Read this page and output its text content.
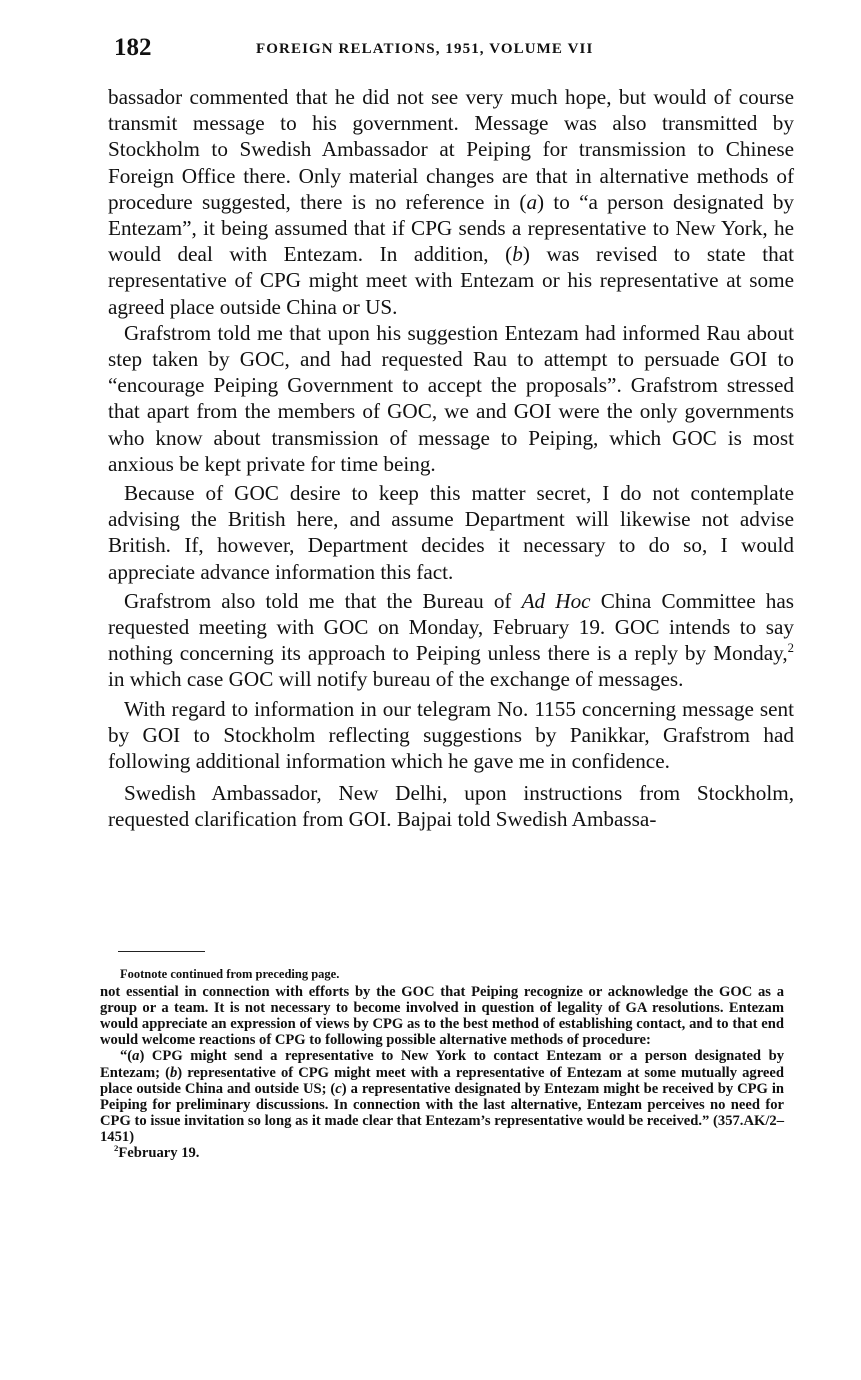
182	FOREIGN RELATIONS, 1951, VOLUME VII

bassador commented that he did not see very much hope, but would of course transmit message to his government. Message was also transmitted by Stockholm to Swedish Ambassador at Peiping for transmission to Chinese Foreign Office there. Only material changes are that in alternative methods of procedure suggested, there is no reference in (a) to “a person designated by Entezam”, it being assumed that if CPG sends a representative to New York, he would deal with Entezam. In addition, (b) was revised to state that representative of CPG might meet with Entezam or his representative at some agreed place outside China or US.

Grafstrom told me that upon his suggestion Entezam had informed Rau about step taken by GOC, and had requested Rau to attempt to persuade GOI to “encourage Peiping Government to accept the proposals”. Grafstrom stressed that apart from the members of GOC, we and GOI were the only governments who know about transmission of message to Peiping, which GOC is most anxious be kept private for time being.

Because of GOC desire to keep this matter secret, I do not contemplate advising the British here, and assume Department will likewise not advise British. If, however, Department decides it necessary to do so, I would appreciate advance information this fact.

Grafstrom also told me that the Bureau of Ad Hoc China Committee has requested meeting with GOC on Monday, February 19. GOC intends to say nothing concerning its approach to Peiping unless there is a reply by Monday,$^2$ in which case GOC will notify bureau of the exchange of messages.

With regard to information in our telegram No. 1155 concerning message sent by GOI to Stockholm reflecting suggestions by Panikkar, Grafstrom had following additional information which he gave me in confidence.

Swedish Ambassador, New Delhi, upon instructions from Stockholm, requested clarification from GOI. Bajpai told Swedish Ambassa-

Footnote continued from preceding page.

not essential in connection with efforts by the GOC that Peiping recognize or acknowledge the GOC as a group or a team. It is not necessary to become involved in question of legality of GA resolutions. Entezam would appreciate an expression of views by CPG as to the best method of establishing contact, and to that end would welcome reactions of CPG to following possible alternative methods of procedure:

“(a) CPG might send a representative to New York to contact Entezam or a person designated by Entezam; (b) representative of CPG might meet with a representative of Entezam at some mutually agreed place outside China and outside US; (c) a representative designated by Entezam might be received by CPG in Peiping for preliminary discussions. In connection with the last alternative, Entezam perceives no need for CPG to issue invitation so long as it made clear that Entezam’s representative would be received.” (357.AK/2–1451)

$^2$February 19.
